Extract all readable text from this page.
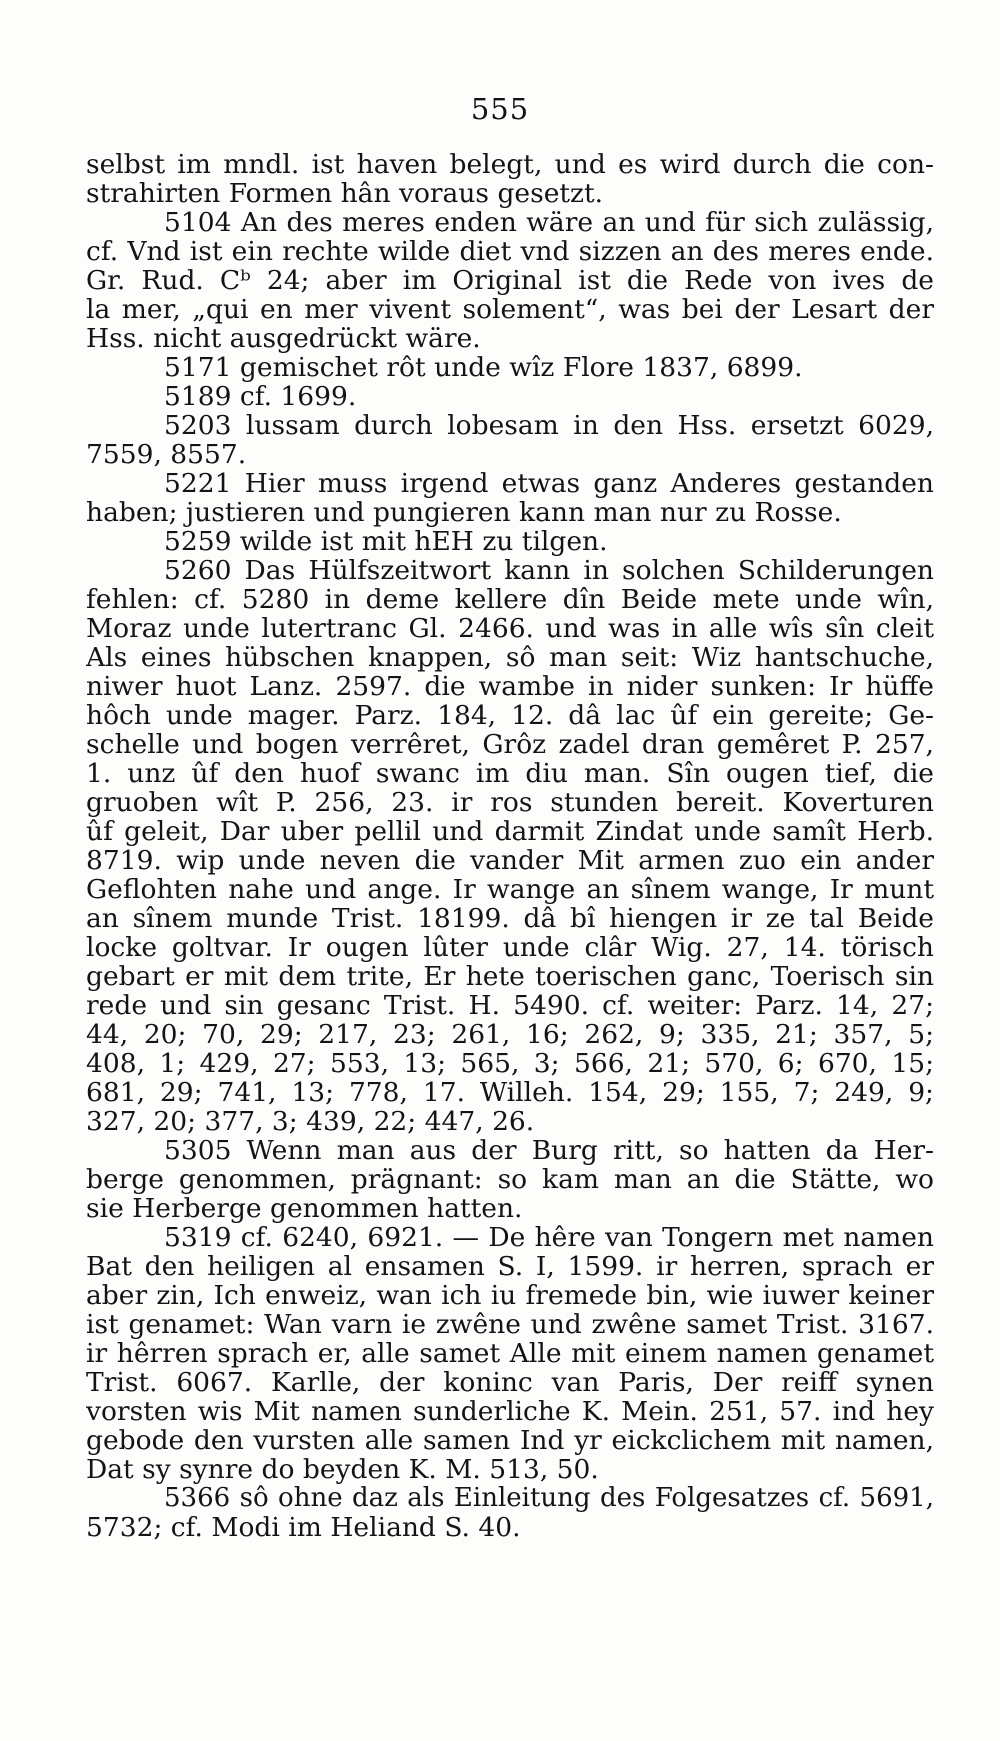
555
selbst im mndl. ist haven belegt, und es wird durch die con-
strahirten Formen hân voraus gesetzt.
5104 An des meres enden wäre an und für sich zulässig,
cf. Vnd ist ein rechte wilde diet vnd sizzen an des meres ende.
Gr. Rud. Cᵇ 24; aber im Original ist die Rede von ives de
la mer, „qui en mer vivent solement“, was bei der Lesart der
Hss. nicht ausgedrückt wäre.
5171 gemischet rôt unde wîz Flore 1837, 6899.
5189 cf. 1699.
5203 lussam durch lobesam in den Hss. ersetzt 6029,
7559, 8557.
5221 Hier muss irgend etwas ganz Anderes gestanden
haben; justieren und pungieren kann man nur zu Rosse.
5259 wilde ist mit hEH zu tilgen.
5260 Das Hülfszeitwort kann in solchen Schilderungen
fehlen: cf. 5280 in deme kellere dîn Beide mete unde wîn,
Moraz unde lutertranc Gl. 2466. und was in alle wîs sîn cleit
Als eines hübschen knappen, sô man seit: Wiz hantschuche,
niwer huot Lanz. 2597. die wambe in nider sunken: Ir hüffe
hôch unde mager. Parz. 184, 12. dâ lac ûf ein gereite; Ge-
schelle und bogen verrêret, Grôz zadel dran gemêret P. 257,
1. unz ûf den huof swanc im diu man. Sîn ougen tief, die
gruoben wît P. 256, 23. ir ros stunden bereit. Koverturen
ûf geleit, Dar uber pellil und darmit Zindat unde samît Herb.
8719. wip unde neven die vander Mit armen zuo ein ander
Geflohten nahe und ange. Ir wange an sînem wange, Ir munt
an sînem munde Trist. 18199. dâ bî hiengen ir ze tal Beide
locke goltvar. Ir ougen lûter unde clâr Wig. 27, 14. törisch
gebart er mit dem trite, Er hete toerischen ganc, Toerisch sin
rede und sin gesanc Trist. H. 5490. cf. weiter: Parz. 14, 27;
44, 20; 70, 29; 217, 23; 261, 16; 262, 9; 335, 21; 357, 5;
408, 1; 429, 27; 553, 13; 565, 3; 566, 21; 570, 6; 670, 15;
681, 29; 741, 13; 778, 17. Willeh. 154, 29; 155, 7; 249, 9;
327, 20; 377, 3; 439, 22; 447, 26.
5305 Wenn man aus der Burg ritt, so hatten da Her-
berge genommen, prägnant: so kam man an die Stätte, wo
sie Herberge genommen hatten.
5319 cf. 6240, 6921. — De hêre van Tongern met namen
Bat den heiligen al ensamen S. I, 1599. ir herren, sprach er
aber zin, Ich enweiz, wan ich iu fremede bin, wie iuwer keiner
ist genamet: Wan varn ie zwêne und zwêne samet Trist. 3167.
ir hêrren sprach er, alle samet Alle mit einem namen genamet
Trist. 6067. Karlle, der koninc van Paris, Der reiff synen
vorsten wis Mit namen sunderliche K. Mein. 251, 57. ind hey
gebode den vursten alle samen Ind yr eickclichem mit namen,
Dat sy synre do beyden K. M. 513, 50.
5366 sô ohne daz als Einleitung des Folgesatzes cf. 5691,
5732; cf. Modi im Heliand S. 40.
